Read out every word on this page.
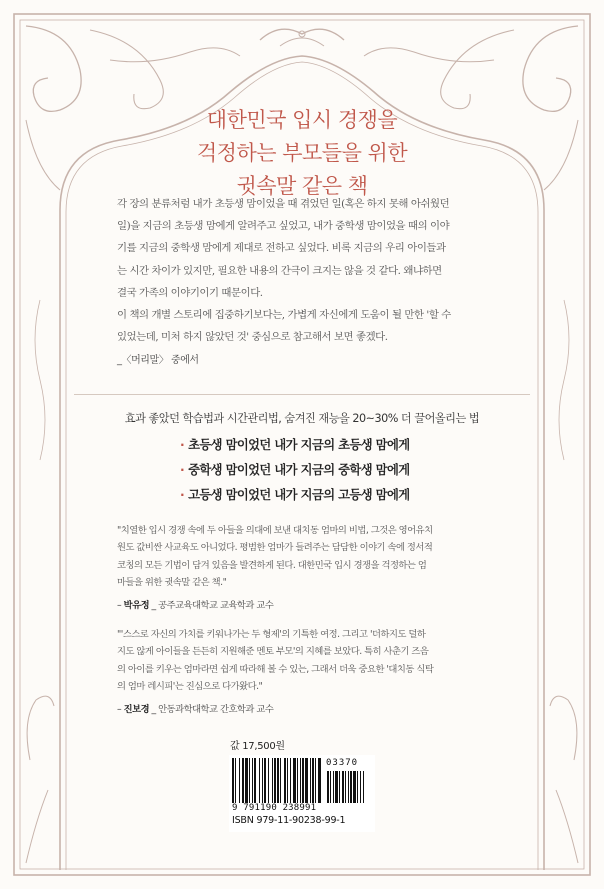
대한민국 입시 경쟁을
걱정하는 부모들을 위한
귓속말 같은 책

각 장의 분류처럼 내가 초등생 맘이었을 때 겪었던 일(혹은 하지 못해 아쉬웠던

일)을 지금의 초등생 맘에게 알려주고 싶었고, 내가 중학생 맘이었을 때의 이야

기를 지금의 중학생 맘에게 제대로 전하고 싶었다. 비록 지금의 우리 아이들과

는 시간 차이가 있지만, 필요한 내용의 간극이 크지는 않을 것 같다. 왜냐하면

결국 가족의 이야기이기 때문이다.

이 책의 개별 스토리에 집중하기보다는, 가볍게 자신에게 도움이 될 만한 '할 수

있었는데, 미처 하지 않았던 것' 중심으로 참고해서 보면 좋겠다.

_〈머리말〉 중에서

효과 좋았던 학습법과 시간관리법, 숨겨진 재능을 20~30% 더 끌어올리는 법
· 초등생 맘이었던 내가 지금의 초등생 맘에게
· 중학생 맘이었던 내가 지금의 중학생 맘에게
· 고등생 맘이었던 내가 지금의 고등생 맘에게

"치열한 입시 경쟁 속에 두 아들을 의대에 보낸 대치동 엄마의 비법, 그것은 영어유치

원도 값비싼 사교육도 아니었다. 평범한 엄마가 들려주는 담담한 이야기 속에 정서적

코칭의 모든 기법이 담겨 있음을 발견하게 된다. 대한민국 입시 경쟁을 걱정하는 엄

마들을 위한 귓속말 같은 책."

– 박유정 _ 공주교육대학교 교육학과 교수

"'스스로 자신의 가치를 키워나가는 두 형제'의 기특한 여정. 그리고 '더하지도 덜하

지도 않게 아이들을 든든히 지원해준 멘토 부모'의 지혜를 보았다. 특히 사춘기 즈음

의 아이를 키우는 엄마라면 쉽게 따라해 볼 수 있는, 그래서 더욱 중요한 '대치동 식탁

의 엄마 레시피'는 진심으로 다가왔다."

– 진보경 _ 안동과학대학교 간호학과 교수

값 17,500원
03370
9 791190 238991
ISBN 979-11-90238-99-1
